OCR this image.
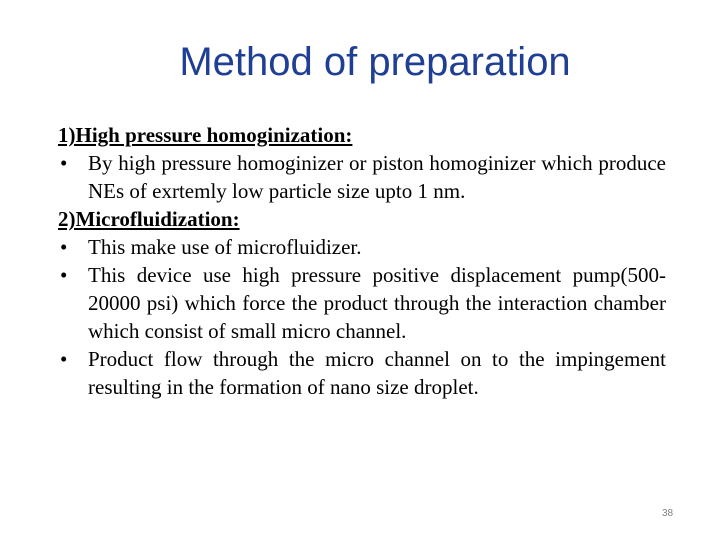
Method of preparation
1)High pressure homoginization:
• By high pressure homoginizer or piston homoginizer which produce NEs of exrtemly low particle size upto 1 nm.
2)Microfluidization:
• This make use of microfluidizer.
• This device use high pressure positive displacement pump(500-20000 psi) which force the product through the interaction chamber which consist of small micro channel.
• Product flow through the micro channel on to the impingement resulting in the formation of nano size droplet.
38
